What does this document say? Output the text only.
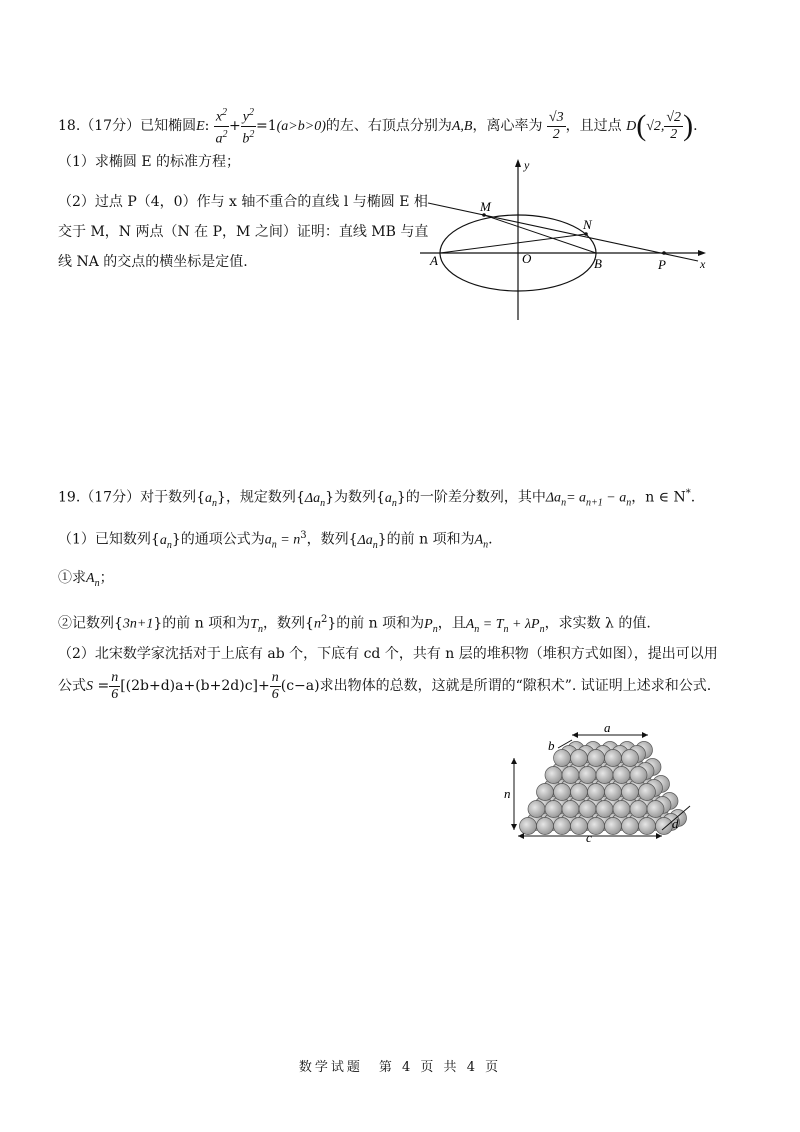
18.（17分）已知椭圆E: $\frac{x^2}{a^2} + \frac{y^2}{b^2} =1(a>b>0)$的左、右顶点分别为A,B，离心率为 $\frac{√3}{2}$ ，且过点 D(√2, $\frac{√2}{2}$ ).
（1）求椭圆 E 的标准方程；
（2）过点 P（4，0）作与 x 轴不重合的直线 l 与椭圆 E 相
交于 M，N 两点（N 在 P，M 之间）证明：直线 MB 与直
线 NA 的交点的横坐标是定值.
y
x
M
N
A	O	B	P
19.（17分）对于数列$\{a_n\}$，规定数列$\{\Delta a_n\}$为数列$\{a_n\}$的一阶差分数列，其中$\Delta a_n= a_{n+1} - a_n$，n ∈ N*.
（1）已知数列$\{a_n\}$的通项公式为$a_n = n^3$，数列$\{\Delta a_n\}$的前 n 项和为$A_n$.
①求$A_n$；
②记数列{3n+1}的前 n 项和为$T_n$，数列$\{n^2\}$的前 n 项和为$P_n$，且$A_n = T_n + \lambda P_n$，求实数 λ 的值.
（2）北宋数学家沈括对于上底有 ab 个，下底有 cd 个，共有 n 层的堆积物（堆积方式如图），提出可以用
公式$S = \frac{n}{6} [(2b+d)a+(b+2d)c]+ \frac{n}{6} (c-a)$求出物体的总数，这就是所谓的“隙积术”. 试证明上述求和公式.
a
b
n
c
d
数学试题　第 4 页 共 4 页
